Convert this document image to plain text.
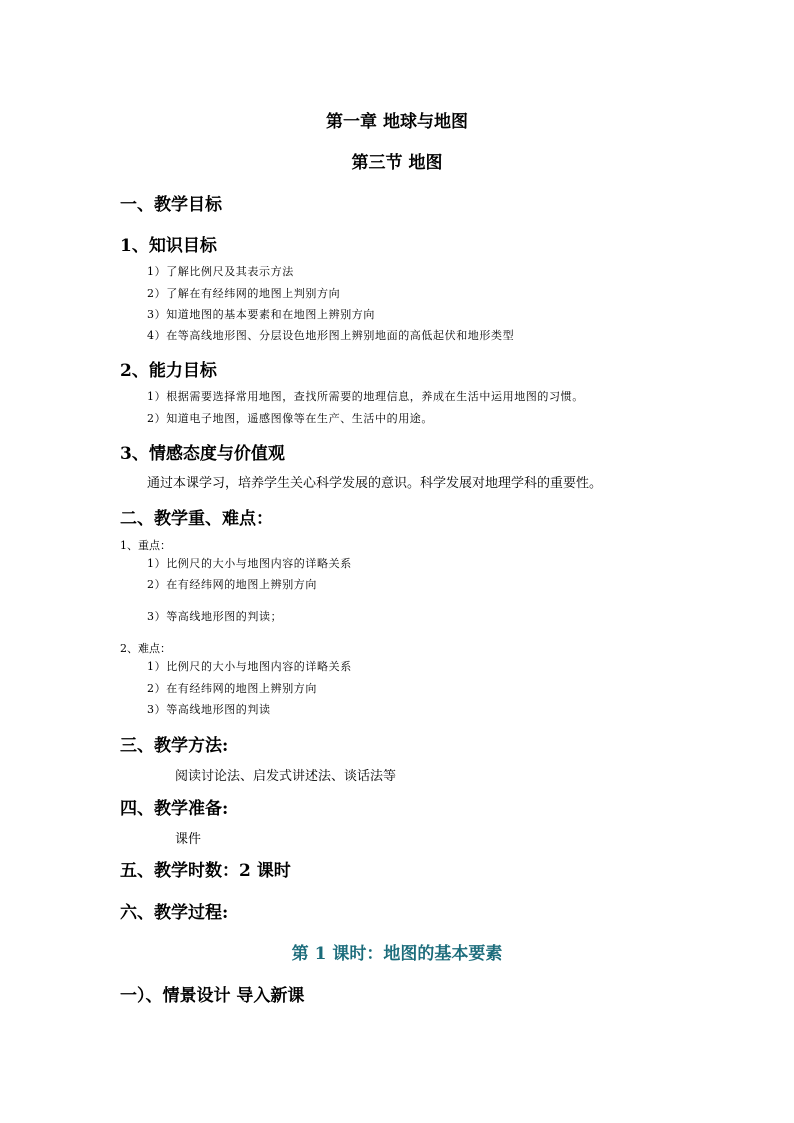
第一章 地球与地图
第三节 地图
一、教学目标
1、知识目标
1）了解比例尺及其表示方法
2）了解在有经纬网的地图上判别方向
3）知道地图的基本要素和在地图上辨别方向
4）在等高线地形图、分层设色地形图上辨别地面的高低起伏和地形类型
2、能力目标
1）根据需要选择常用地图，查找所需要的地理信息，养成在生活中运用地图的习惯。
2）知道电子地图，遥感图像等在生产、生活中的用途。
3、情感态度与价值观
通过本课学习，培养学生关心科学发展的意识。科学发展对地理学科的重要性。
二、教学重、难点：
1、重点：
1）比例尺的大小与地图内容的详略关系
2）在有经纬网的地图上辨别方向
3）等高线地形图的判读；
2、难点：
1）比例尺的大小与地图内容的详略关系
2）在有经纬网的地图上辨别方向
3）等高线地形图的判读
三、教学方法:
阅读讨论法、启发式讲述法、谈话法等
四、教学准备:
课件
五、教学时数：2 课时
六、教学过程:
第 1 课时：地图的基本要素
一）、情景设计 导入新课
